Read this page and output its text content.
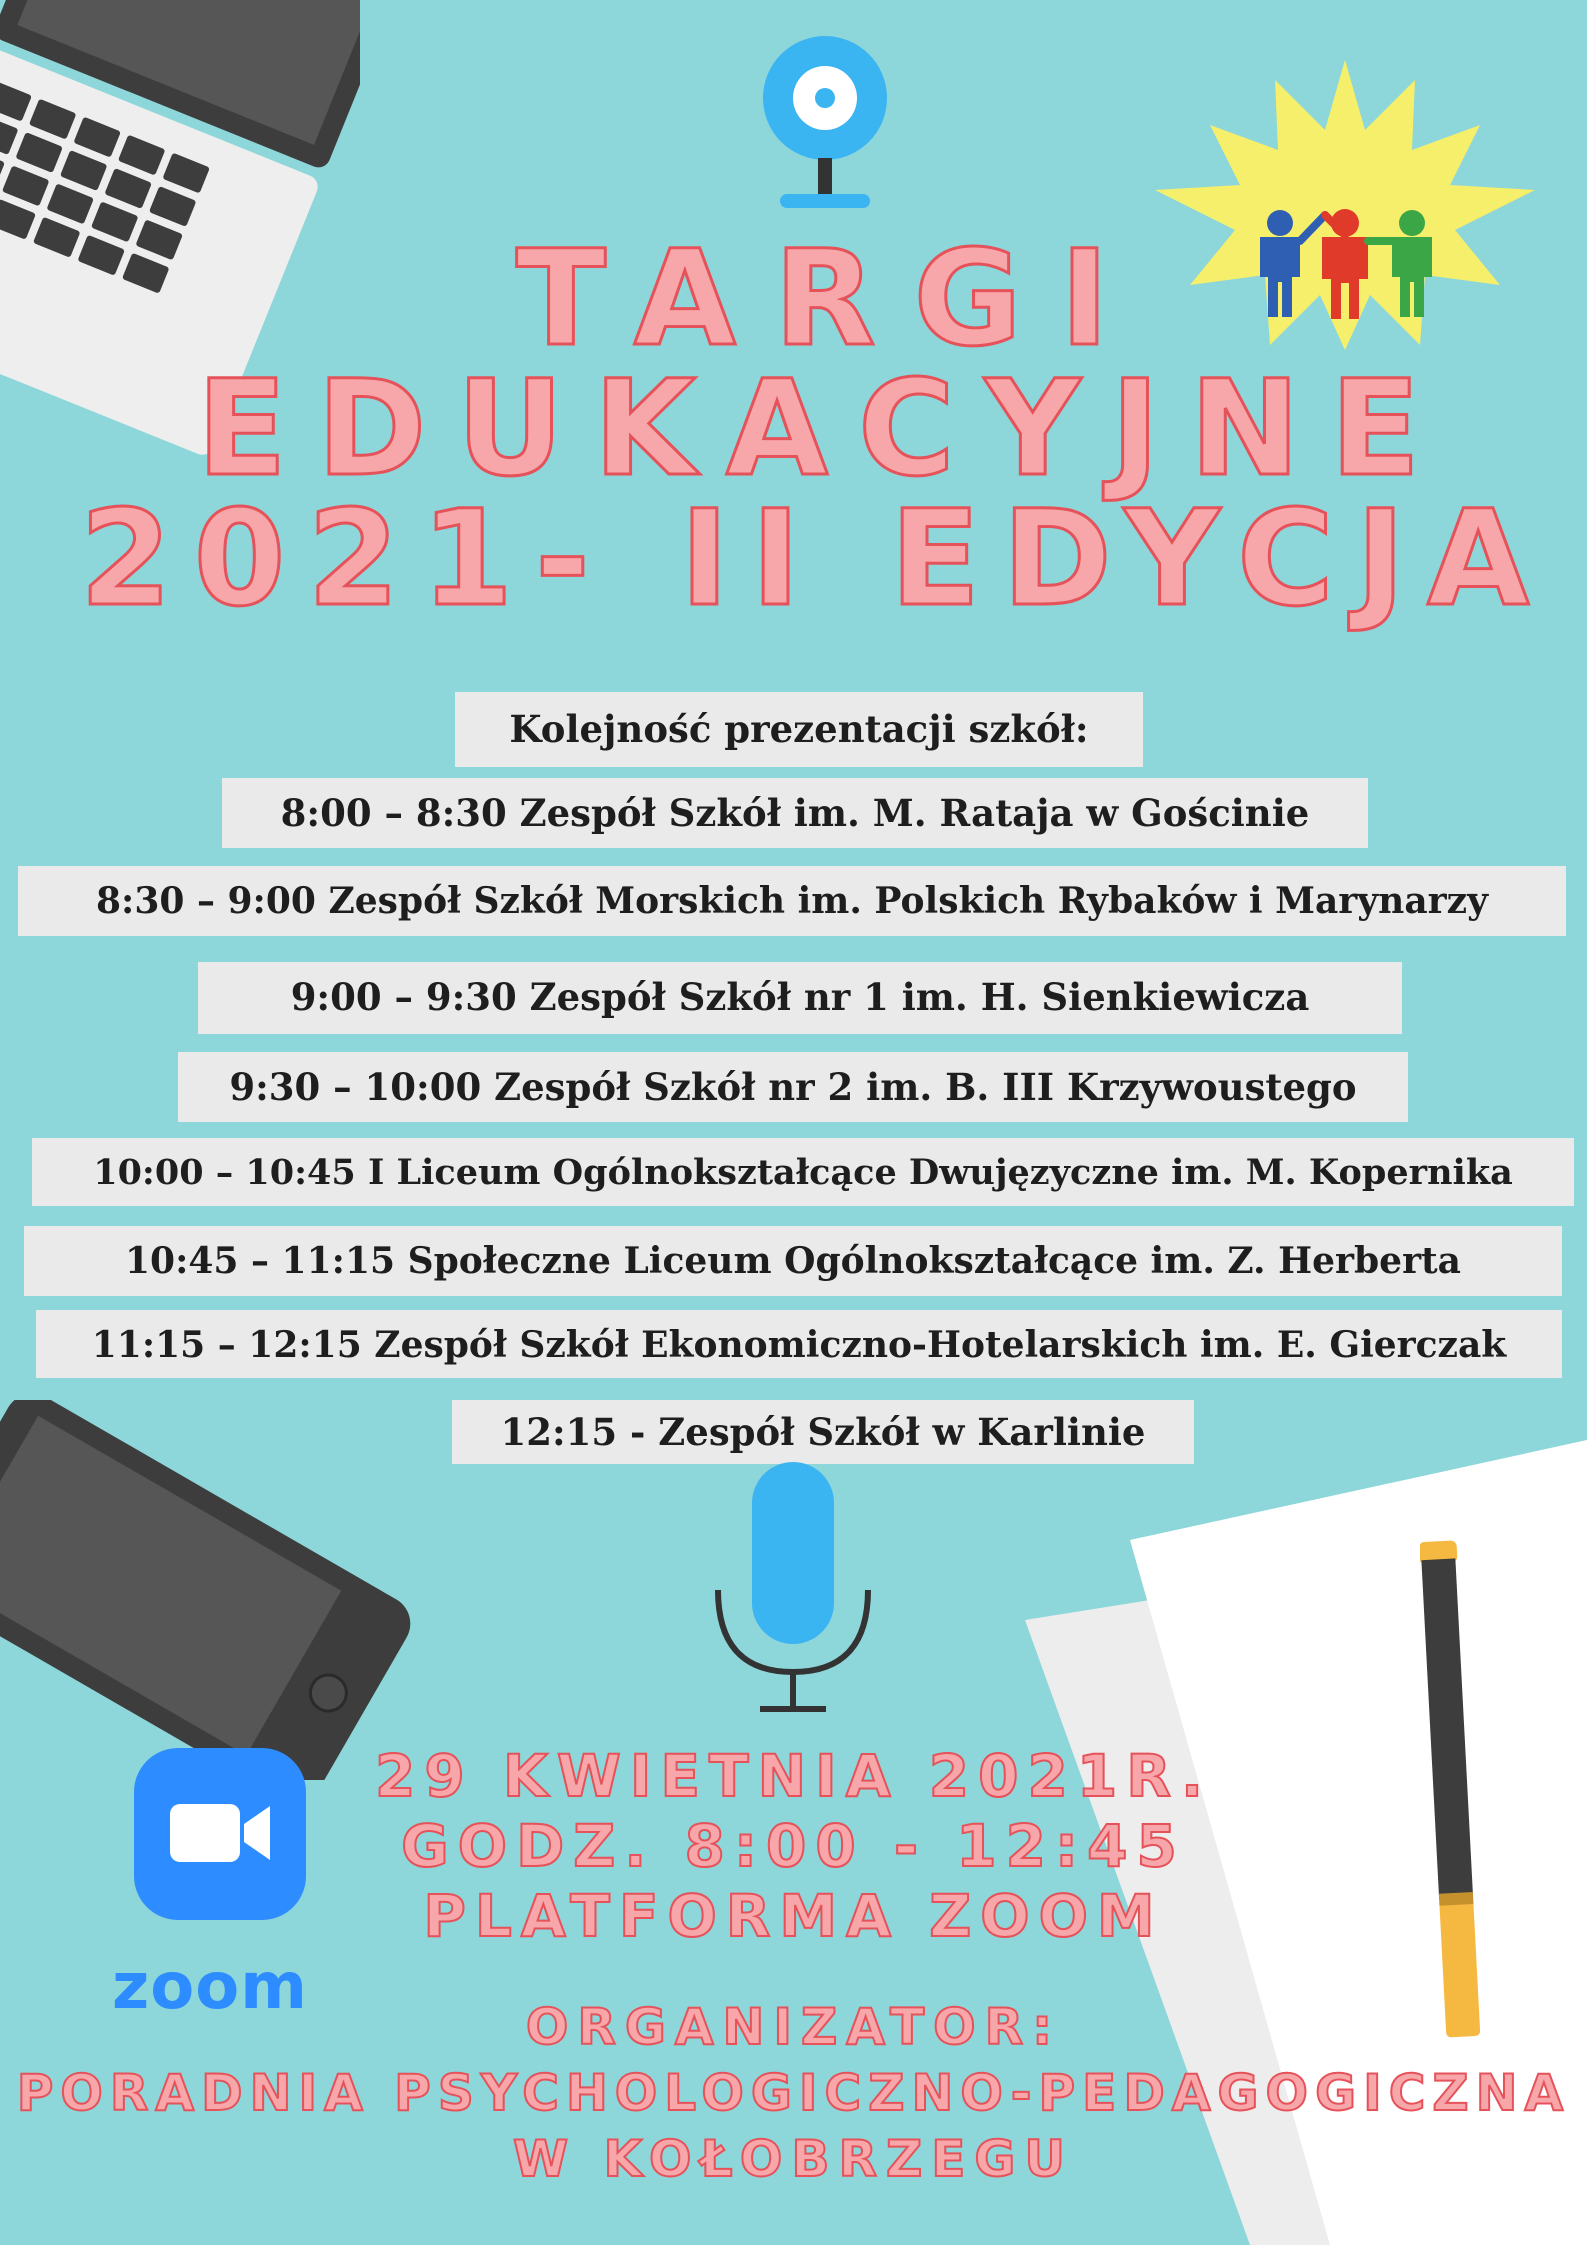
TARGI
EDUKACYJNE
2021- II EDYCJA
Kolejność prezentacji szkół:
8:00 – 8:30 Zespół Szkół im. M. Rataja w Gościnie
8:30 – 9:00 Zespół Szkół Morskich im. Polskich Rybaków i Marynarzy
9:00 – 9:30 Zespół Szkół nr 1 im. H. Sienkiewicza
9:30 – 10:00 Zespół Szkół nr 2 im. B. III Krzywoustego
10:00 – 10:45 I Liceum Ogólnokształcące Dwujęzyczne im. M. Kopernika
10:45 – 11:15 Społeczne Liceum Ogólnokształcące im. Z. Herberta
11:15 – 12:15 Zespół Szkół Ekonomiczno-Hotelarskich im. E. Gierczak
12:15 - Zespół Szkół w Karlinie
zoom
29 KWIETNIA 2021R.
GODZ. 8:00 - 12:45
PLATFORMA ZOOM
ORGANIZATOR:
PORADNIA PSYCHOLOGICZNO-PEDAGOGICZNA
W KOŁOBRZEGU
